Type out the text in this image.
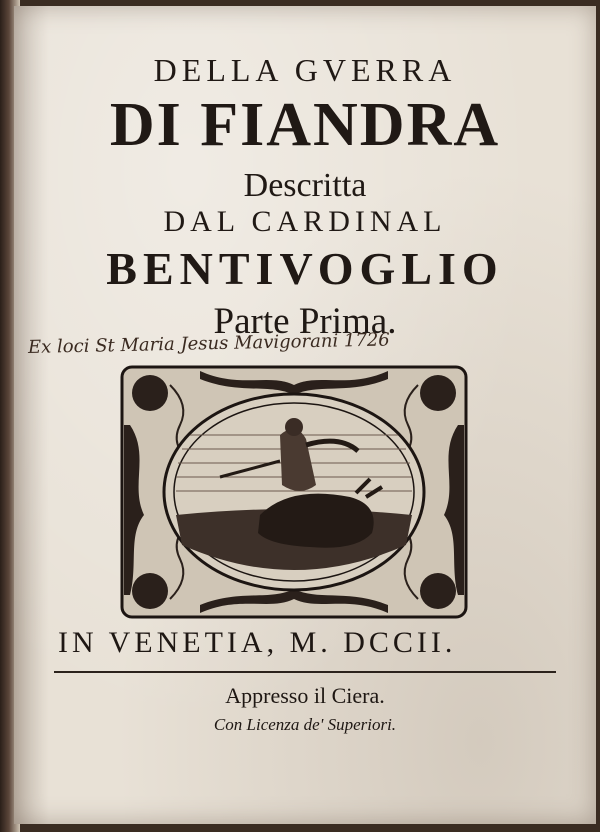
DELLA GVERRA
DI FIANDRA
Descritta
DAL CARDINAL
BENTIVOGLIO
Parte Prima.
Ex loci St Maria Jesus Mavigorani 1726
IN VENETIA, M. DCCII.
Appresso il Ciera.
Con Licenza de' Superiori.
